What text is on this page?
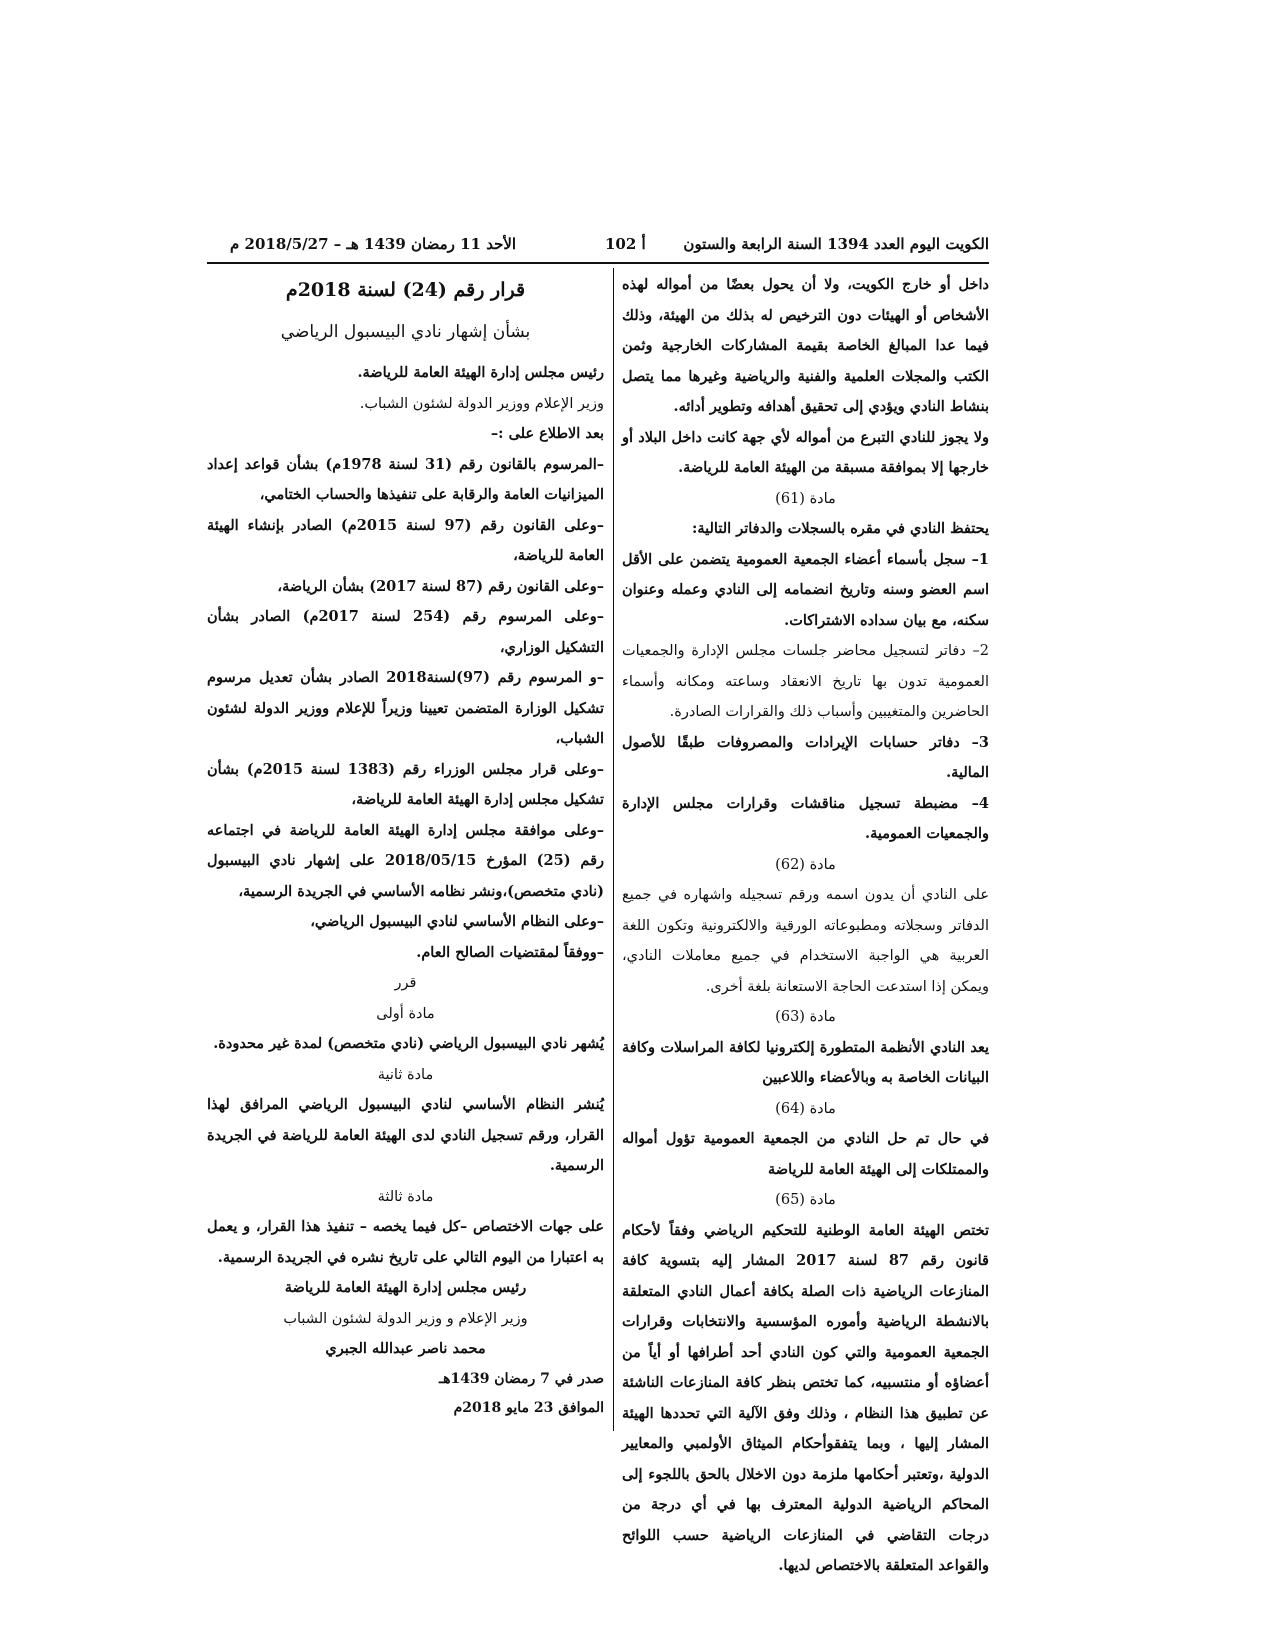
الأحد 11 رمضان 1439 هـ – 2018/5/27 م	أ 102	الكويت اليوم العدد 1394 السنة الرابعة والستون

داخل أو خارج الكويت، ولا أن يحول بعضًا من أمواله لهذه الأشخاص أو الهيئات دون الترخيص له بذلك من الهيئة، وذلك فيما عدا المبالغ الخاصة بقيمة المشاركات الخارجية وثمن الكتب والمجلات العلمية والفنية والرياضية وغيرها مما يتصل بنشاط النادي ويؤدي إلى تحقيق أهدافه وتطوير أدائه.

ولا يجوز للنادي التبرع من أمواله لأي جهة كانت داخل البلاد أو خارجها إلا بموافقة مسبقة من الهيئة العامة للرياضة.

مادة (61)

يحتفظ النادي في مقره بالسجلات والدفاتر التالية:

1– سجل بأسماء أعضاء الجمعية العمومية يتضمن على الأقل اسم العضو وسنه وتاريخ انضمامه إلى النادي وعمله وعنوان سكنه، مع بيان سداده الاشتراكات.

2– دفاتر لتسجيل محاضر جلسات مجلس الإدارة والجمعيات العمومية تدون بها تاريخ الانعقاد وساعته ومكانه وأسماء الحاضرين والمتغيبين وأسباب ذلك والقرارات الصادرة.

3– دفاتر حسابات الإيرادات والمصروفات طبقًا للأصول المالية.

4– مضبطة تسجيل مناقشات وقرارات مجلس الإدارة والجمعيات العمومية.

مادة (62)

على النادي أن يدون اسمه ورقم تسجيله واشهاره في جميع الدفاتر وسجلاته ومطبوعاته الورقية والالكترونية وتكون اللغة العربية هي الواجبة الاستخدام في جميع معاملات النادي، ويمكن إذا استدعت الحاجة الاستعانة بلغة أخرى.

مادة (63)

يعد النادي الأنظمة المتطورة إلكترونيا لكافة المراسلات وكافة البيانات الخاصة به وبالأعضاء واللاعبين

مادة (64)

في حال تم حل النادي من الجمعية العمومية تؤول أمواله والممتلكات إلى الهيئة العامة للرياضة

مادة (65)

تختص الهيئة العامة الوطنية للتحكيم الرياضي وفقاً لأحكام قانون رقم 87 لسنة 2017 المشار إليه بتسوية كافة المنازعات الرياضية ذات الصلة بكافة أعمال النادي المتعلقة بالانشطة الرياضية وأموره المؤسسية والانتخابات وقرارات الجمعية العمومية والتي كون النادي أحد أطرافها أو أياً من أعضاؤه أو منتسبيه، كما تختص بنظر كافة المنازعات الناشئة عن تطبيق هذا النظام ، وذلك وفق الآلية التي تحددها الهيئة المشار إليها ، وبما يتفقوأحكام الميثاق الأولمبي والمعايير الدولية ،وتعتبر أحكامها ملزمة دون الاخلال بالحق باللجوء إلى المحاكم الرياضية الدولية المعترف بها في أي درجة من درجات التقاضي في المنازعات الرياضية حسب اللوائح والقواعد المتعلقة بالاختصاص لديها.

قرار رقم (24) لسنة 2018م

بشأن إشهار نادي البيسبول الرياضي

رئيس مجلس إدارة الهيئة العامة للرياضة.

وزير الإعلام ووزير الدولة لشئون الشباب.

بعد الاطلاع على :–

–المرسوم بالقانون رقم (31 لسنة 1978م) بشأن قواعد إعداد الميزانيات العامة والرقابة على تنفيذها والحساب الختامي،

–وعلى القانون رقم (97 لسنة 2015م) الصادر بإنشاء الهيئة العامة للرياضة،

–وعلى القانون رقم (87 لسنة 2017) بشأن الرياضة،

–وعلى المرسوم رقم (254 لسنة 2017م) الصادر بشأن التشكيل الوزاري،

–و المرسوم رقم (97)لسنة2018 الصادر بشأن تعديل مرسوم تشكيل الوزارة المتضمن تعيينا وزيراً للإعلام ووزير الدولة لشئون الشباب،

–وعلى قرار مجلس الوزراء رقم (1383 لسنة 2015م) بشأن تشكيل مجلس إدارة الهيئة العامة للرياضة،

–وعلى موافقة مجلس إدارة الهيئة العامة للرياضة في اجتماعه رقم (25) المؤرخ 2018/05/15 على إشهار نادي البيسبول (نادي متخصص)،ونشر نظامه الأساسي في الجريدة الرسمية،

–وعلى النظام الأساسي لنادي البيسبول الرياضي،

–ووفقاً لمقتضيات الصالح العام.

قرر

مادة أولى

يُشهر نادي البيسبول الرياضي (نادي متخصص) لمدة غير محدودة.

مادة ثانية

يُنشر النظام الأساسي لنادي البيسبول الرياضي المرافق لهذا القرار، ورقم تسجيل النادي لدى الهيئة العامة للرياضة في الجريدة الرسمية.

مادة ثالثة

على جهات الاختصاص –كل فيما يخصه – تنفيذ هذا القرار، و يعمل به اعتبارا من اليوم التالي على تاريخ نشره في الجريدة الرسمية.

رئيس مجلس إدارة الهيئة العامة للرياضة

وزير الإعلام و وزير الدولة لشئون الشباب

محمد ناصر عبدالله الجبري

صدر في 7 رمضان 1439هـ

الموافق 23 مايو 2018م
